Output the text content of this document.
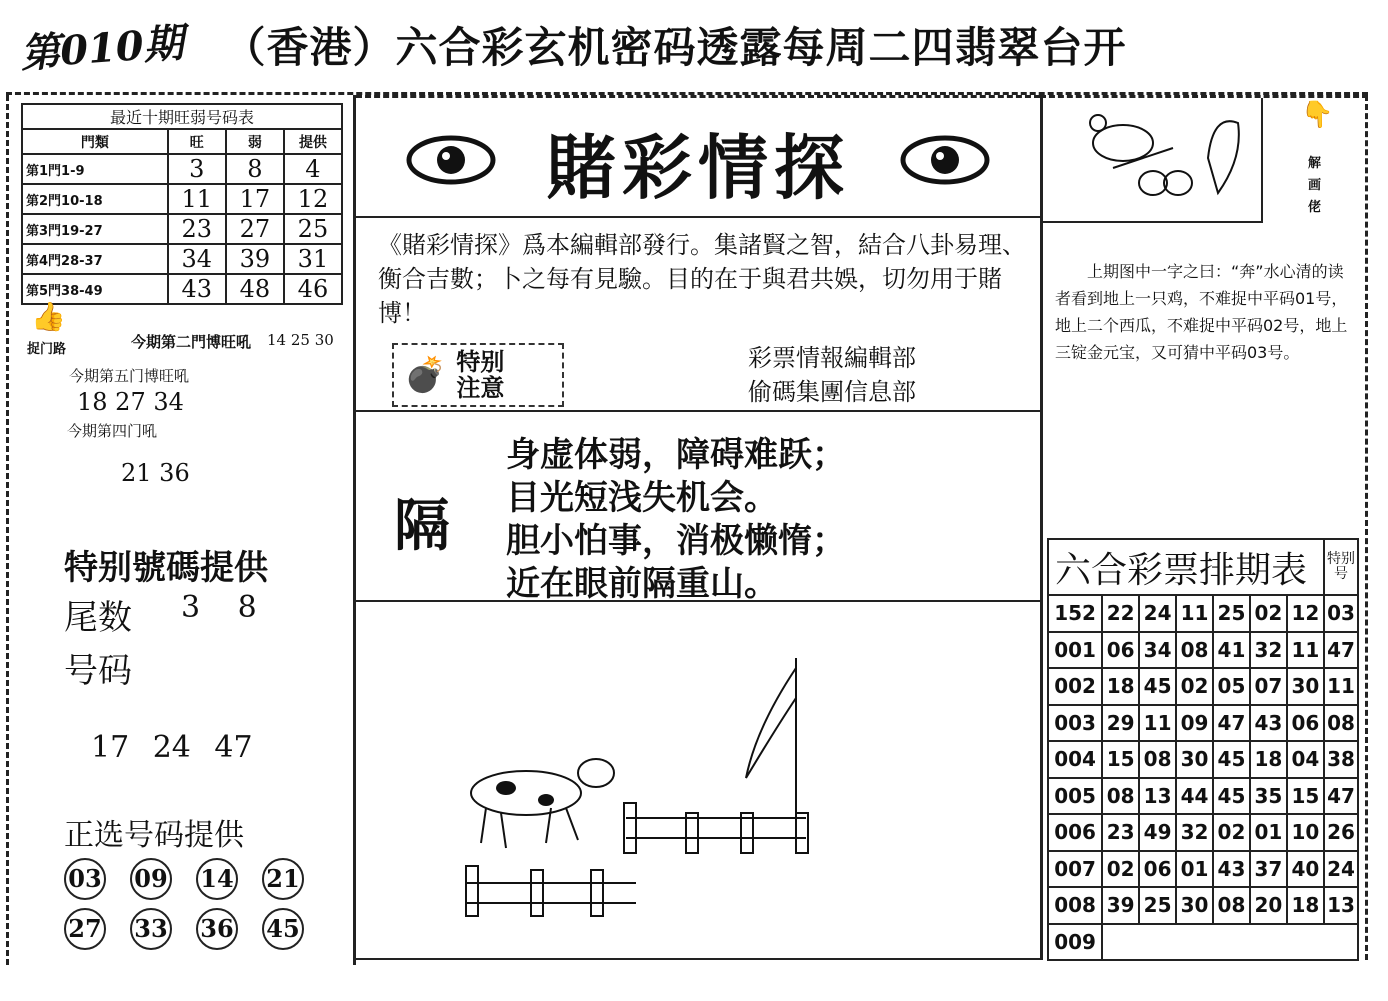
第010期 （香港）六合彩玄机密码透露每周二四翡翠台开
最近十期旺弱号码表			
門類	旺	弱	提供
第1門1-9	3	8	4
第2門10-18	11	17	12
第3門19-27	23	27	25
第4門28-37	34	39	31
第5門38-49	43	48	46
👍
捉门路	今期第二門博旺吼 14 25 30
今期第五门博旺吼
18 27 34
今期第四门吼
21 36
特别號碼提供
尾数 3 8
号码
17 24 47
正选号码提供
03 09 14 2127 33 36 45
賭彩情探
《賭彩情探》爲本編輯部發行。集諸賢之智，結合八卦易理、衡合吉數；卜之每有見驗。目的在于與君共娛，切勿用于賭博！
💣 特别注意
彩票情報編輯部
偷碼集團信息部
隔
身虚体弱，障碍难跃；
目光短浅失机会。
胆小怕事，消极懒惰；
近在眼前隔重山。
👇
解画佬
上期图中一字之曰：“奔”水心清的读者看到地上一只鸡，不难捉中平码01号，地上二个西瓜，不难捉中平码02号，地上三锭金元宝，又可猜中平码03号。
六合彩票排期表							特别号
152	22	24	11	25	02	12	03
001	06	34	08	41	32	11	47
002	18	45	02	05	07	30	11
003	29	11	09	47	43	06	08
004	15	08	30	45	18	04	38
005	08	13	44	45	35	15	47
006	23	49	32	02	01	10	26
007	02	06	01	43	37	40	24
008	39	25	30	08	20	18	13
009							
